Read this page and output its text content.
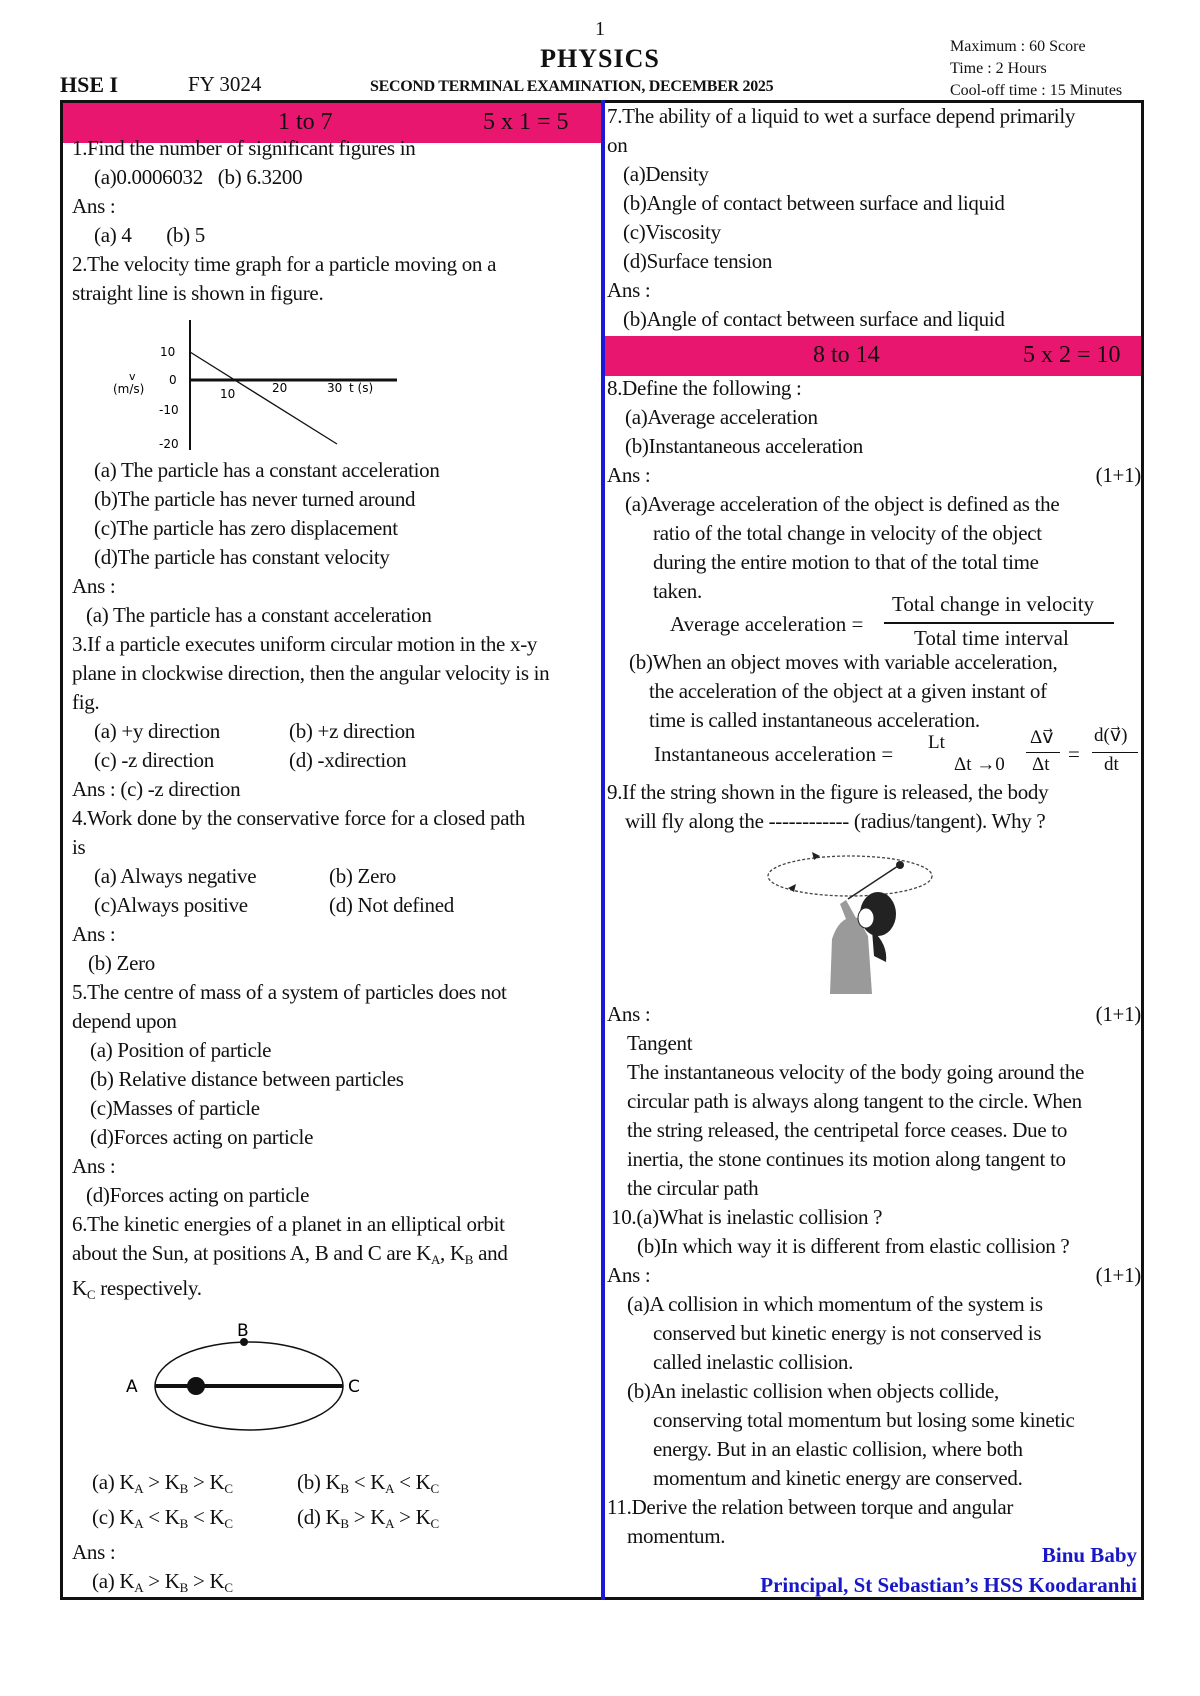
1
PHYSICS
HSE I	FY 3024	SECOND TERMINAL EXAMINATION, DECEMBER 2025
Maximum : 60 Score
Time : 2 Hours
Cool-off time : 15 Minutes
1 to 7	5 x 1 = 5

1.Find the number of significant figures in

(a)0.0006032   (b) 6.3200

Ans :

(a) 4       (b) 5

2.The velocity time graph for a particle moving on a

straight line is shown in figure.

10
0
-10
-20
10	20	30 t (s)
v
(m/s)

(a) The particle has a constant acceleration

(b)The particle has never turned around

(c)The particle has zero displacement

(d)The particle has constant velocity

Ans :

(a) The particle has a constant acceleration

3.If a particle executes uniform circular motion in the x-y

plane in clockwise direction, then the angular velocity is in

fig.

(a) +y direction	(b) +z direction

(c) -z direction	(d) -xdirection

Ans : (c) -z direction

4.Work done by the conservative force for a closed path

is

(a) Always negative	(b) Zero

(c)Always positive	(d) Not defined

Ans :

(b) Zero

5.The centre of mass of a system of particles does not

depend upon

(a) Position of particle

(b) Relative distance between particles

(c)Masses of particle

(d)Forces acting on particle

Ans :

(d)Forces acting on particle

6.The kinetic energies of a planet in an elliptical orbit

about the Sun, at positions A, B and C are $K_A$, $K_B$ and

$K_C$ respectively.

B
A	C

(a) $K_A > K_B > K_C$	(b) $K_B < K_A < K_C$

(c) $K_A < K_B < K_C$	(d) $K_B > K_A > K_C$

Ans :

(a) $K_A > K_B > K_C$

7.The ability of a liquid to wet a surface depend primarily

on

(a)Density

(b)Angle of contact between surface and liquid

(c)Viscosity

(d)Surface tension

Ans :

(b)Angle of contact between surface and liquid

8 to 14	5 x 2 = 10

8.Define the following :

(a)Average acceleration

(b)Instantaneous acceleration

Ans :	(1+1)

(a)Average acceleration of the object is defined as the

ratio of the total change in velocity of the object

during the entire motion to that of the total time

taken.

Average acceleration =
Total change in velocity
Total time interval

(b)When an object moves with variable acceleration,

the acceleration of the object at a given instant of

time is called instantaneous acceleration.

Instantaneous acceleration = Lt
Δt →0
Δv⃗
Δt =
d(v⃗)
dt

9.If the string shown in the figure is released, the body

will fly along the ------------ (radius/tangent). Why ?

Ans :	(1+1)

Tangent

The instantaneous velocity of the body going around the

circular path is always along tangent to the circle. When

the string released, the centripetal force ceases. Due to

inertia, the stone continues its motion along tangent to

the circular path

10.(a)What is inelastic collision ?

(b)In which way it is different from elastic collision ?

Ans :	(1+1)

(a)A collision in which momentum of the system is

conserved but kinetic energy is not conserved is

called inelastic collision.

(b)An inelastic collision when objects collide,

conserving total momentum but losing some kinetic

energy. But in an elastic collision, where both

momentum and kinetic energy are conserved.

11.Derive the relation between torque and angular

momentum.

Binu Baby
Principal, St Sebastian’s HSS Koodaranhi
